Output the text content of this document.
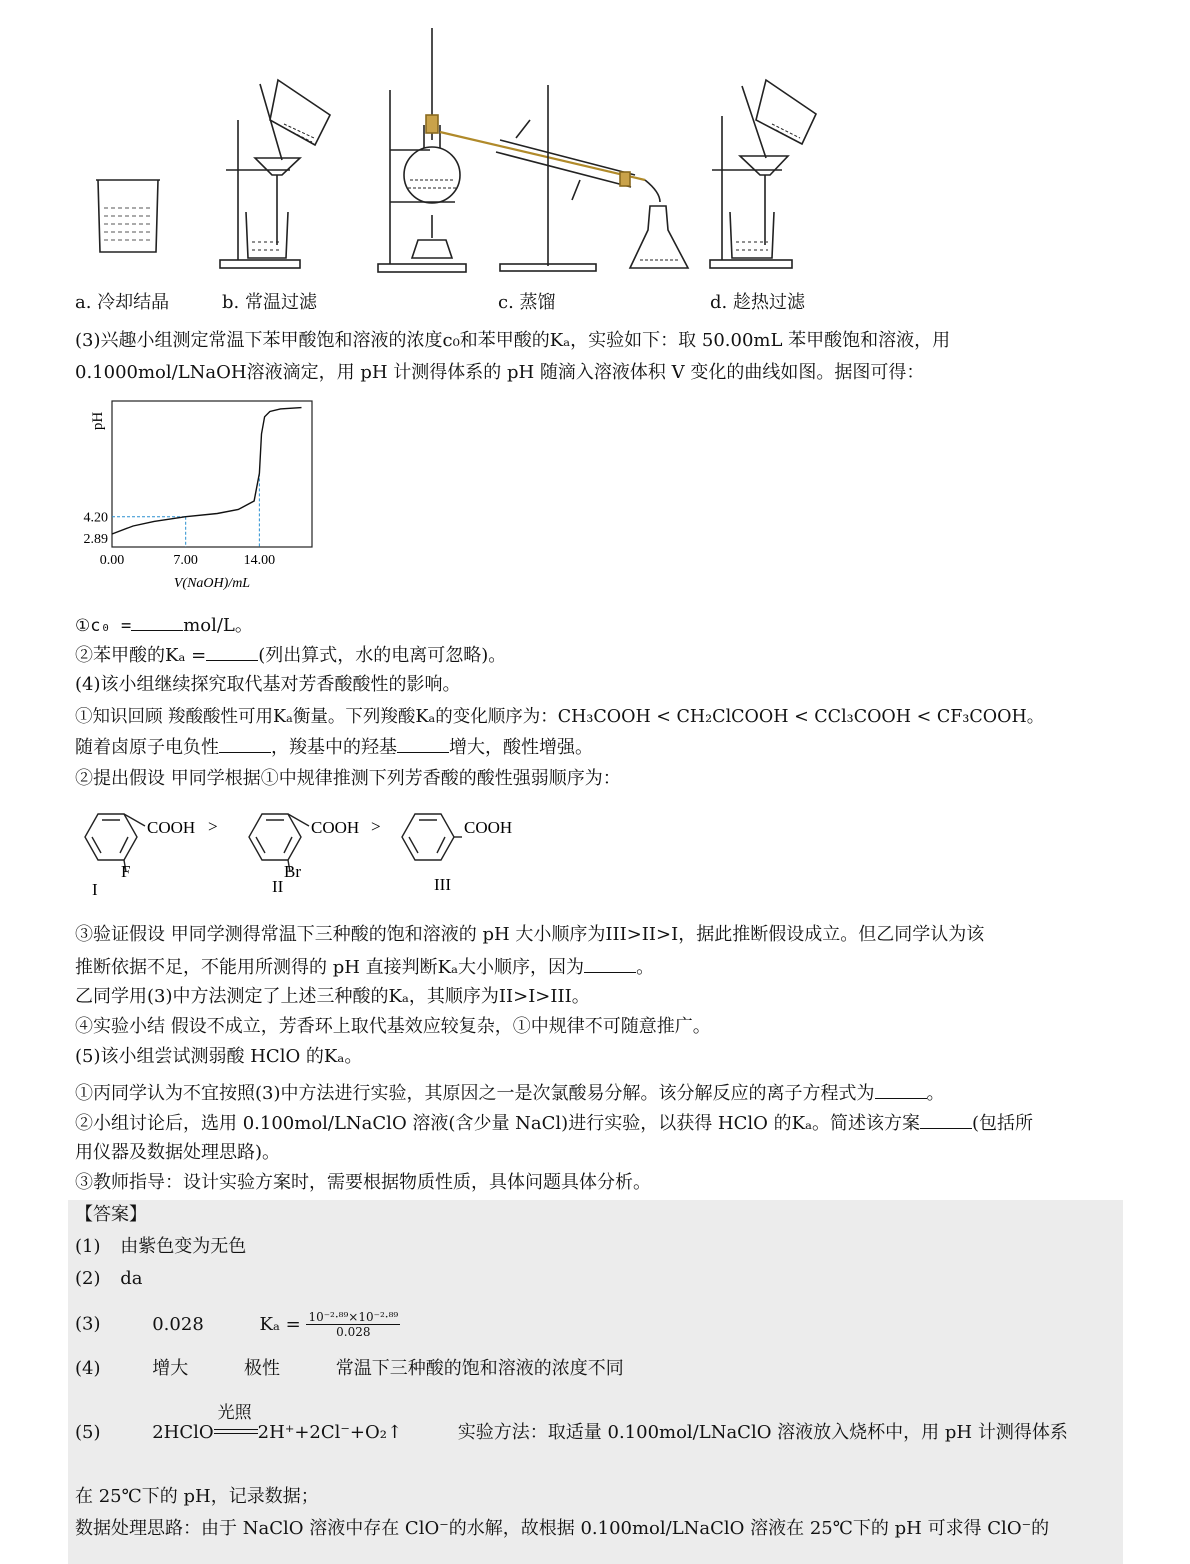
a. 冷却结晶	b. 常温过滤	c. 蒸馏	d. 趁热过滤
(3)兴趣小组测定常温下苯甲酸饱和溶液的浓度c₀和苯甲酸的Kₐ，实验如下：取 50.00mL 苯甲酸饱和溶液，用
0.1000mol/LNaOH溶液滴定，用 pH 计测得体系的 pH 随滴入溶液体积 V 变化的曲线如图。据图可得：
pH
2.89
4.20
0.00	7.00	14.00
V(NaOH)/mL
①c₀ =	mol/L。
②苯甲酸的Kₐ =	(列出算式，水的电离可忽略)。
(4)该小组继续探究取代基对芳香酸酸性的影响。
①知识回顾 羧酸酸性可用Kₐ衡量。下列羧酸Kₐ的变化顺序为：CH₃COOH < CH₂ClCOOH < CCl₃COOH < CF₃COOH。
随着卤原子电负性	，羧基中的羟基	增大，酸性增强。
②提出假设 甲同学根据①中规律推测下列芳香酸的酸性强弱顺序为：
COOH	COOH	COOH
F	Br
I	II	III
>	>
③验证假设 甲同学测得常温下三种酸的饱和溶液的 pH 大小顺序为III>II>I，据此推断假设成立。但乙同学认为该
推断依据不足，不能用所测得的 pH 直接判断Kₐ大小顺序，因为	。
乙同学用(3)中方法测定了上述三种酸的Kₐ，其顺序为II>I>III。
④实验小结 假设不成立，芳香环上取代基效应较复杂，①中规律不可随意推广。
(5)该小组尝试测弱酸 HClO 的Kₐ。
①丙同学认为不宜按照(3)中方法进行实验，其原因之一是次氯酸易分解。该分解反应的离子方程式为	。
②小组讨论后，选用 0.100mol/LNaClO 溶液(含少量 NaCl)进行实验，以获得 HClO 的Kₐ。简述该方案	(包括所
用仪器及数据处理思路)。
③教师指导：设计实验方案时，需要根据物质性质，具体问题具体分析。
【答案】
(1) 由紫色变为无色
(2) da
(3)	0.028	$K_a = \frac{\text{10⁻²·⁸⁹×10⁻²·⁸⁹}}{0.028}$
(4)	增大	极性	常温下三种酸的饱和溶液的浓度不同
(5)	2HClO
光照
2H⁺+2Cl⁻+O₂↑	实验方法：取适量 0.100mol/LNaClO 溶液放入烧杯中，用 pH 计测得体系
在 25℃下的 pH，记录数据；
数据处理思路：由于 NaClO 溶液中存在 ClO⁻的水解，故根据 0.100mol/LNaClO 溶液在 25℃下的 pH 可求得 ClO⁻的
